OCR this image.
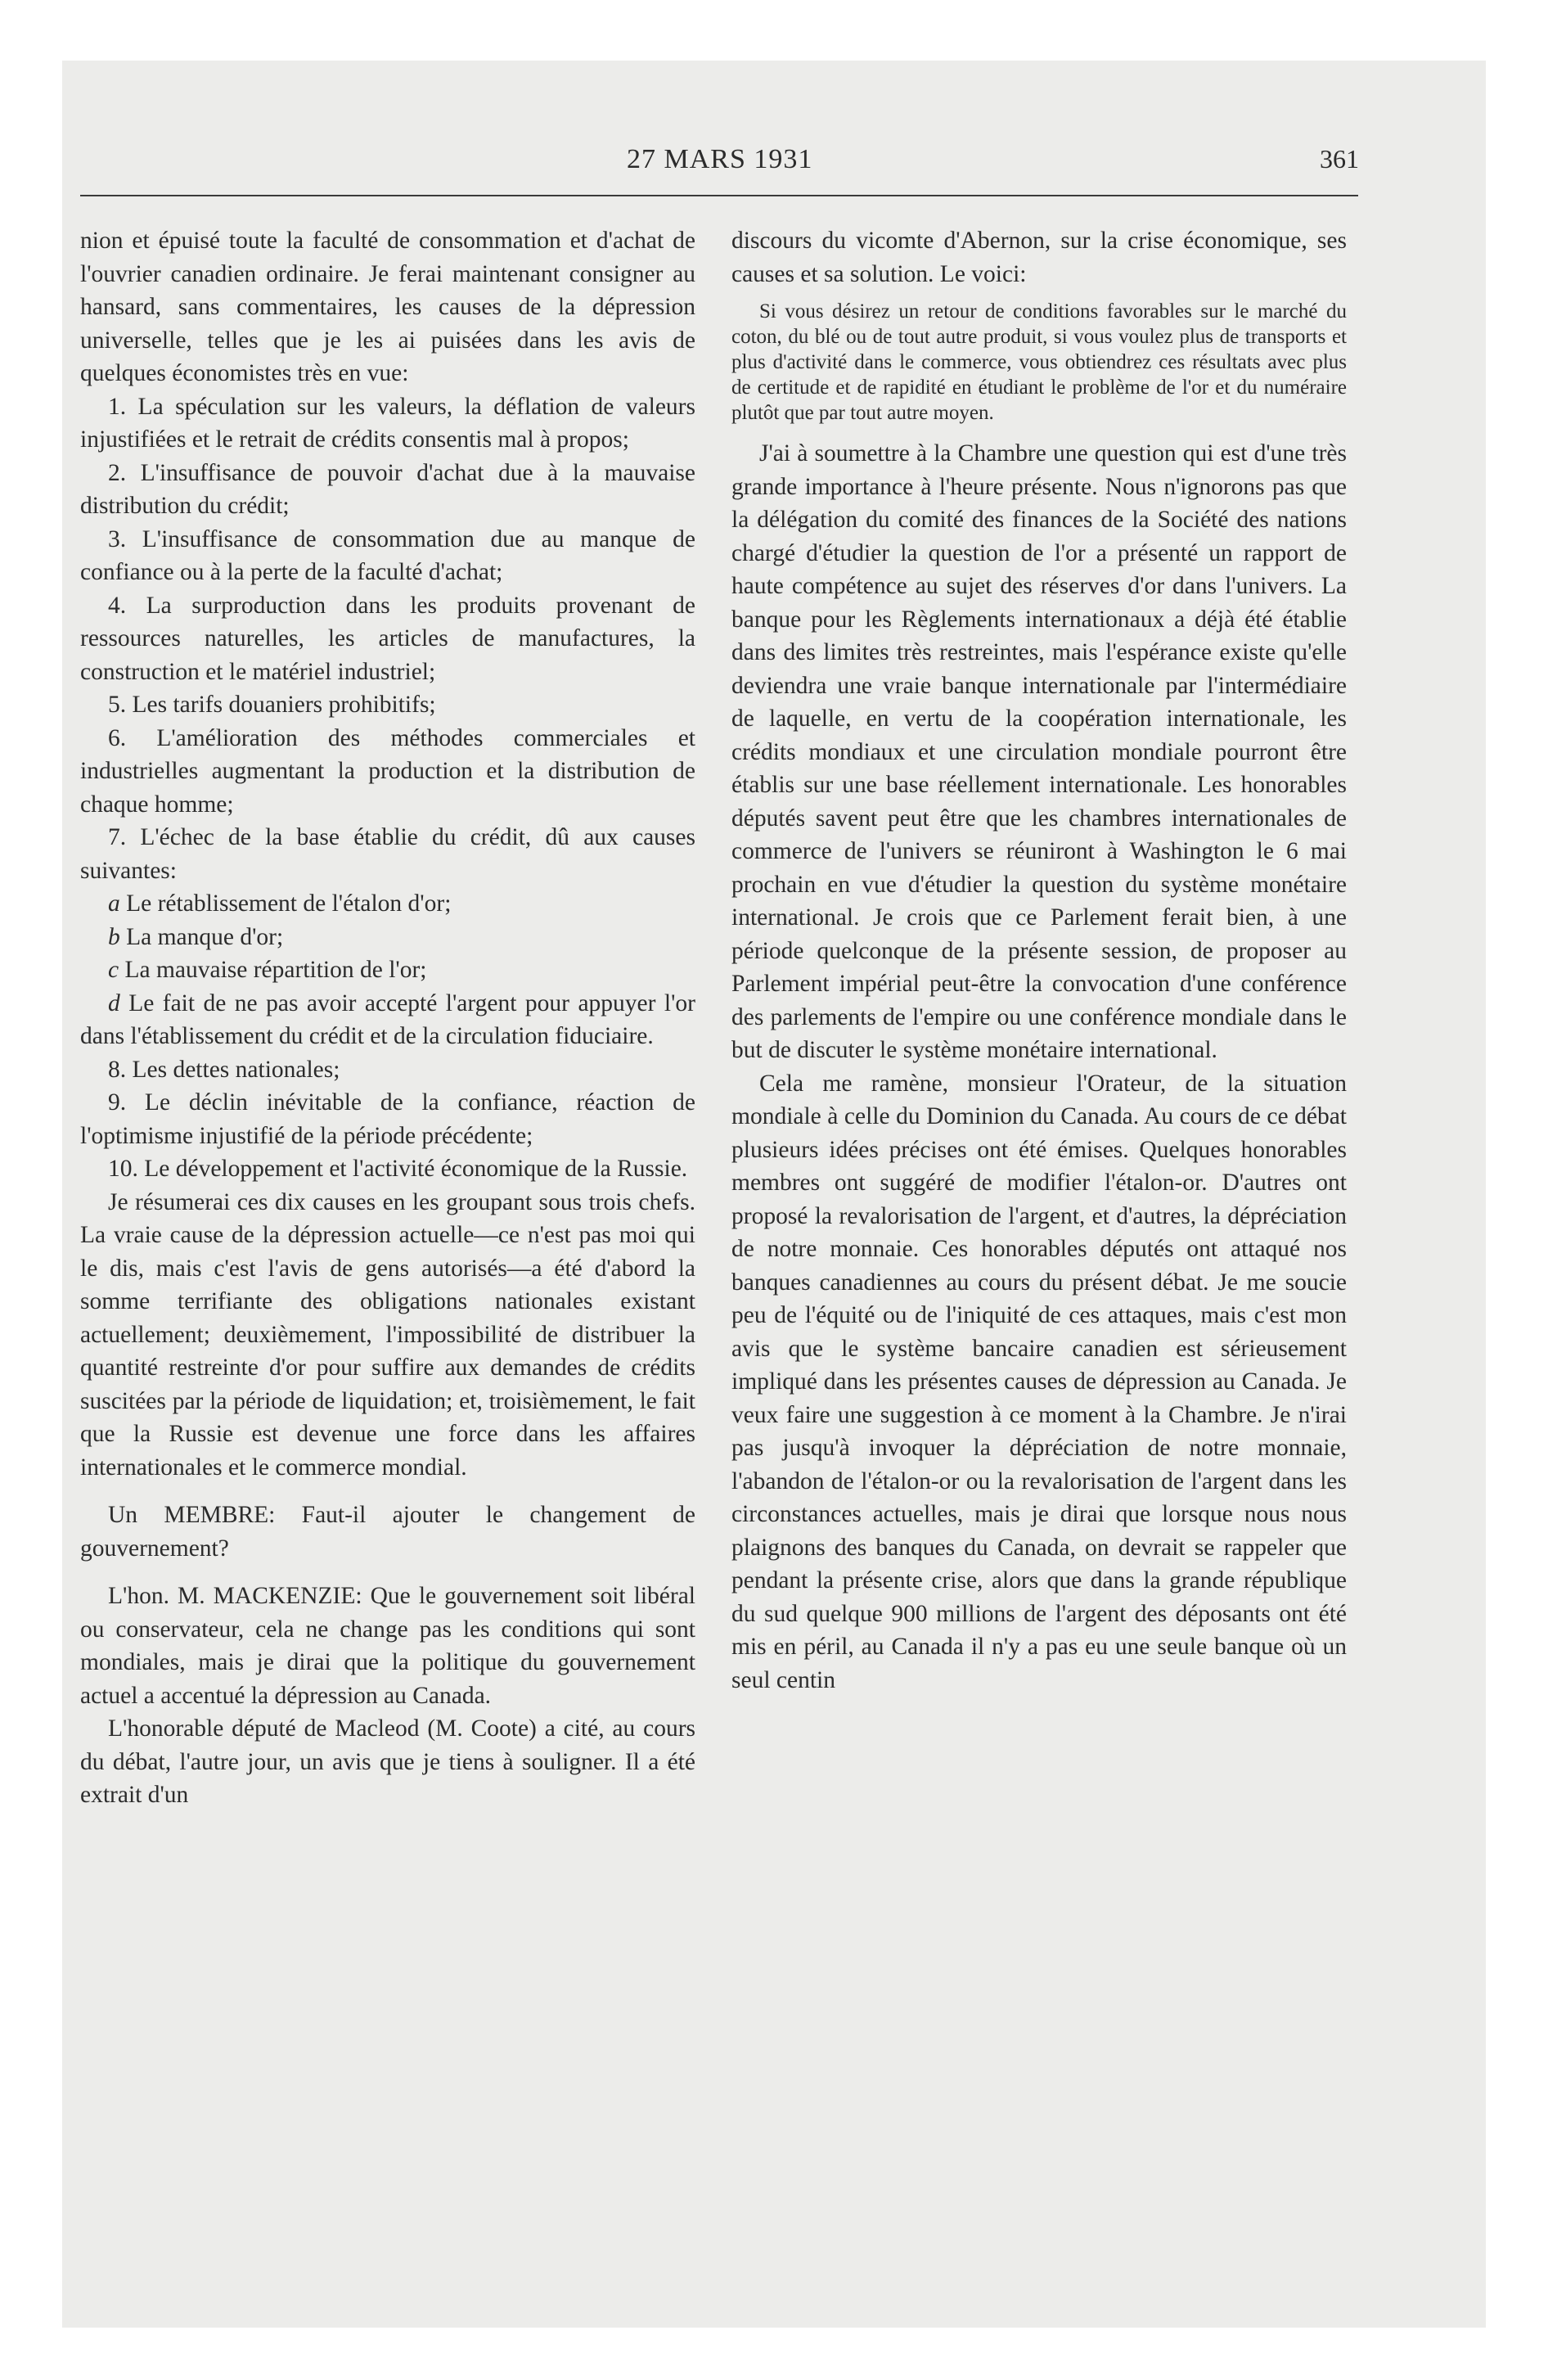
27 MARS 1931	361

nion et épuisé toute la faculté de consommation et d'achat de l'ouvrier canadien ordinaire. Je ferai maintenant consigner au hansard, sans commentaires, les causes de la dépression universelle, telles que je les ai puisées dans les avis de quelques économistes très en vue:

1. La spéculation sur les valeurs, la déflation de valeurs injustifiées et le retrait de crédits consentis mal à propos;

2. L'insuffisance de pouvoir d'achat due à la mauvaise distribution du crédit;

3. L'insuffisance de consommation due au manque de confiance ou à la perte de la faculté d'achat;

4. La surproduction dans les produits provenant de ressources naturelles, les articles de manufactures, la construction et le matériel industriel;

5. Les tarifs douaniers prohibitifs;

6. L'amélioration des méthodes commerciales et industrielles augmentant la production et la distribution de chaque homme;

7. L'échec de la base établie du crédit, dû aux causes suivantes:

a Le rétablissement de l'étalon d'or;

b La manque d'or;

c La mauvaise répartition de l'or;

d Le fait de ne pas avoir accepté l'argent pour appuyer l'or dans l'établissement du crédit et de la circulation fiduciaire.

8. Les dettes nationales;

9. Le déclin inévitable de la confiance, réaction de l'optimisme injustifié de la période précédente;

10. Le développement et l'activité économique de la Russie.

Je résumerai ces dix causes en les groupant sous trois chefs. La vraie cause de la dépression actuelle—ce n'est pas moi qui le dis, mais c'est l'avis de gens autorisés—a été d'abord la somme terrifiante des obligations nationales existant actuellement; deuxièmement, l'impossibilité de distribuer la quantité restreinte d'or pour suffire aux demandes de crédits suscitées par la période de liquidation; et, troisièmement, le fait que la Russie est devenue une force dans les affaires internationales et le commerce mondial.

Un MEMBRE: Faut-il ajouter le changement de gouvernement?

L'hon. M. MACKENZIE: Que le gouvernement soit libéral ou conservateur, cela ne change pas les conditions qui sont mondiales, mais je dirai que la politique du gouvernement actuel a accentué la dépression au Canada.

L'honorable député de Macleod (M. Coote) a cité, au cours du débat, l'autre jour, un avis que je tiens à souligner. Il a été extrait d'un

discours du vicomte d'Abernon, sur la crise économique, ses causes et sa solution. Le voici:

Si vous désirez un retour de conditions favorables sur le marché du coton, du blé ou de tout autre produit, si vous voulez plus de transports et plus d'activité dans le commerce, vous obtiendrez ces résultats avec plus de certitude et de rapidité en étudiant le problème de l'or et du numéraire plutôt que par tout autre moyen.

J'ai à soumettre à la Chambre une question qui est d'une très grande importance à l'heure présente. Nous n'ignorons pas que la délégation du comité des finances de la Société des nations chargé d'étudier la question de l'or a présenté un rapport de haute compétence au sujet des réserves d'or dans l'univers. La banque pour les Règlements internationaux a déjà été établie dans des limites très restreintes, mais l'espérance existe qu'elle deviendra une vraie banque internationale par l'intermédiaire de laquelle, en vertu de la coopération internationale, les crédits mondiaux et une circulation mondiale pourront être établis sur une base réellement internationale. Les honorables députés savent peut être que les chambres internationales de commerce de l'univers se réuniront à Washington le 6 mai prochain en vue d'étudier la question du système monétaire international. Je crois que ce Parlement ferait bien, à une période quelconque de la présente session, de proposer au Parlement impérial peut-être la convocation d'une conférence des parlements de l'empire ou une conférence mondiale dans le but de discuter le système monétaire international.

Cela me ramène, monsieur l'Orateur, de la situation mondiale à celle du Dominion du Canada. Au cours de ce débat plusieurs idées précises ont été émises. Quelques honorables membres ont suggéré de modifier l'étalon-or. D'autres ont proposé la revalorisation de l'argent, et d'autres, la dépréciation de notre monnaie. Ces honorables députés ont attaqué nos banques canadiennes au cours du présent débat. Je me soucie peu de l'équité ou de l'iniquité de ces attaques, mais c'est mon avis que le système bancaire canadien est sérieusement impliqué dans les présentes causes de dépression au Canada. Je veux faire une suggestion à ce moment à la Chambre. Je n'irai pas jusqu'à invoquer la dépréciation de notre monnaie, l'abandon de l'étalon-or ou la revalorisation de l'argent dans les circonstances actuelles, mais je dirai que lorsque nous nous plaignons des banques du Canada, on devrait se rappeler que pendant la présente crise, alors que dans la grande république du sud quelque 900 millions de l'argent des déposants ont été mis en péril, au Canada il n'y a pas eu une seule banque où un seul centin
